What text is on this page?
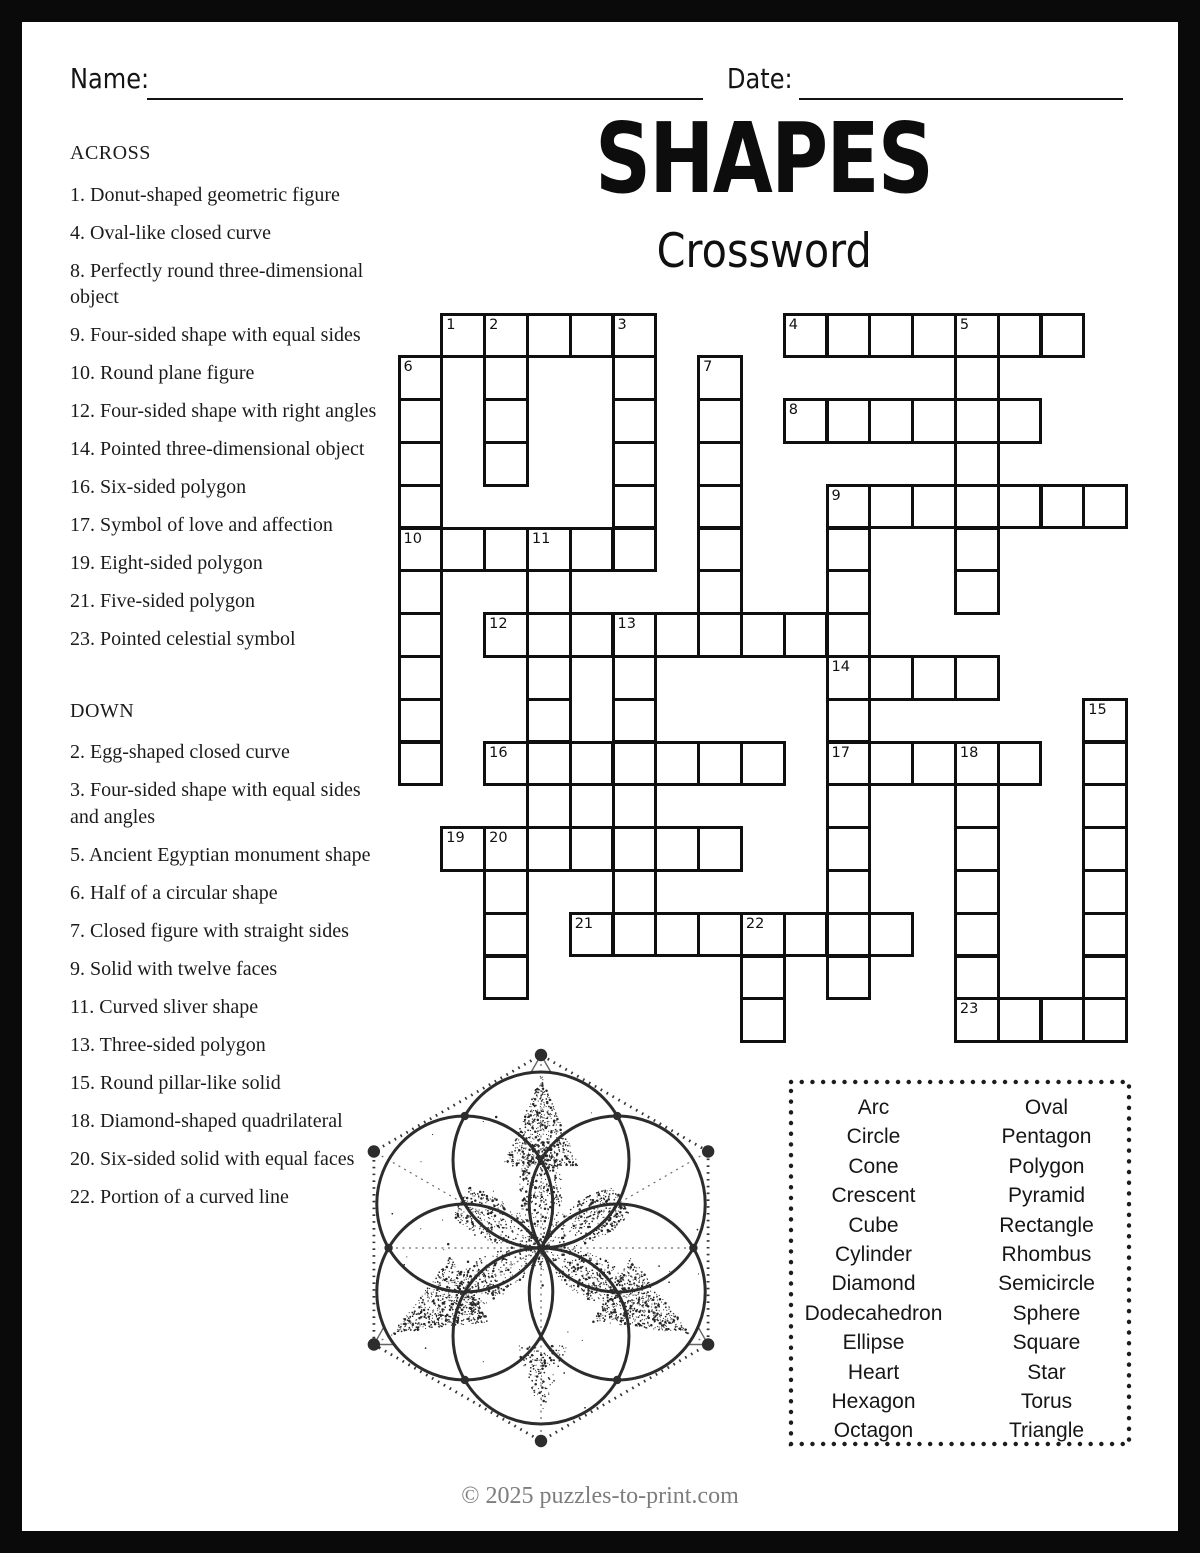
Name:	Date:
SHAPES
Crossword
ACROSS
1. Donut-shaped geometric figure
4. Oval-like closed curve
8. Perfectly round three-dimensional object
9. Four-sided shape with equal sides
10. Round plane figure
12. Four-sided shape with right angles
14. Pointed three-dimensional object
16. Six-sided polygon
17. Symbol of love and affection
19. Eight-sided polygon
21. Five-sided polygon
23. Pointed celestial symbol
DOWN
2. Egg-shaped closed curve
3. Four-sided shape with equal sides and angles
5. Ancient Egyptian monument shape
6. Half of a circular shape
7. Closed figure with straight sides
9. Solid with twelve faces
11. Curved sliver shape
13. Three-sided polygon
15. Round pillar-like solid
18. Diamond-shaped quadrilateral
20. Six-sided solid with equal faces
22. Portion of a curved line
1 2	3	4	5
6	7
8
9
10	11
12	13
14
15
16	17	18
19 20
21	22
23
Arc
Circle
Cone
Crescent
Cube
Cylinder
Diamond
Dodecahedron
Ellipse
Heart
Hexagon
Octagon
Oval
Pentagon
Polygon
Pyramid
Rectangle
Rhombus
Semicircle
Sphere
Square
Star
Torus
Triangle
© 2025 puzzles-to-print.com
